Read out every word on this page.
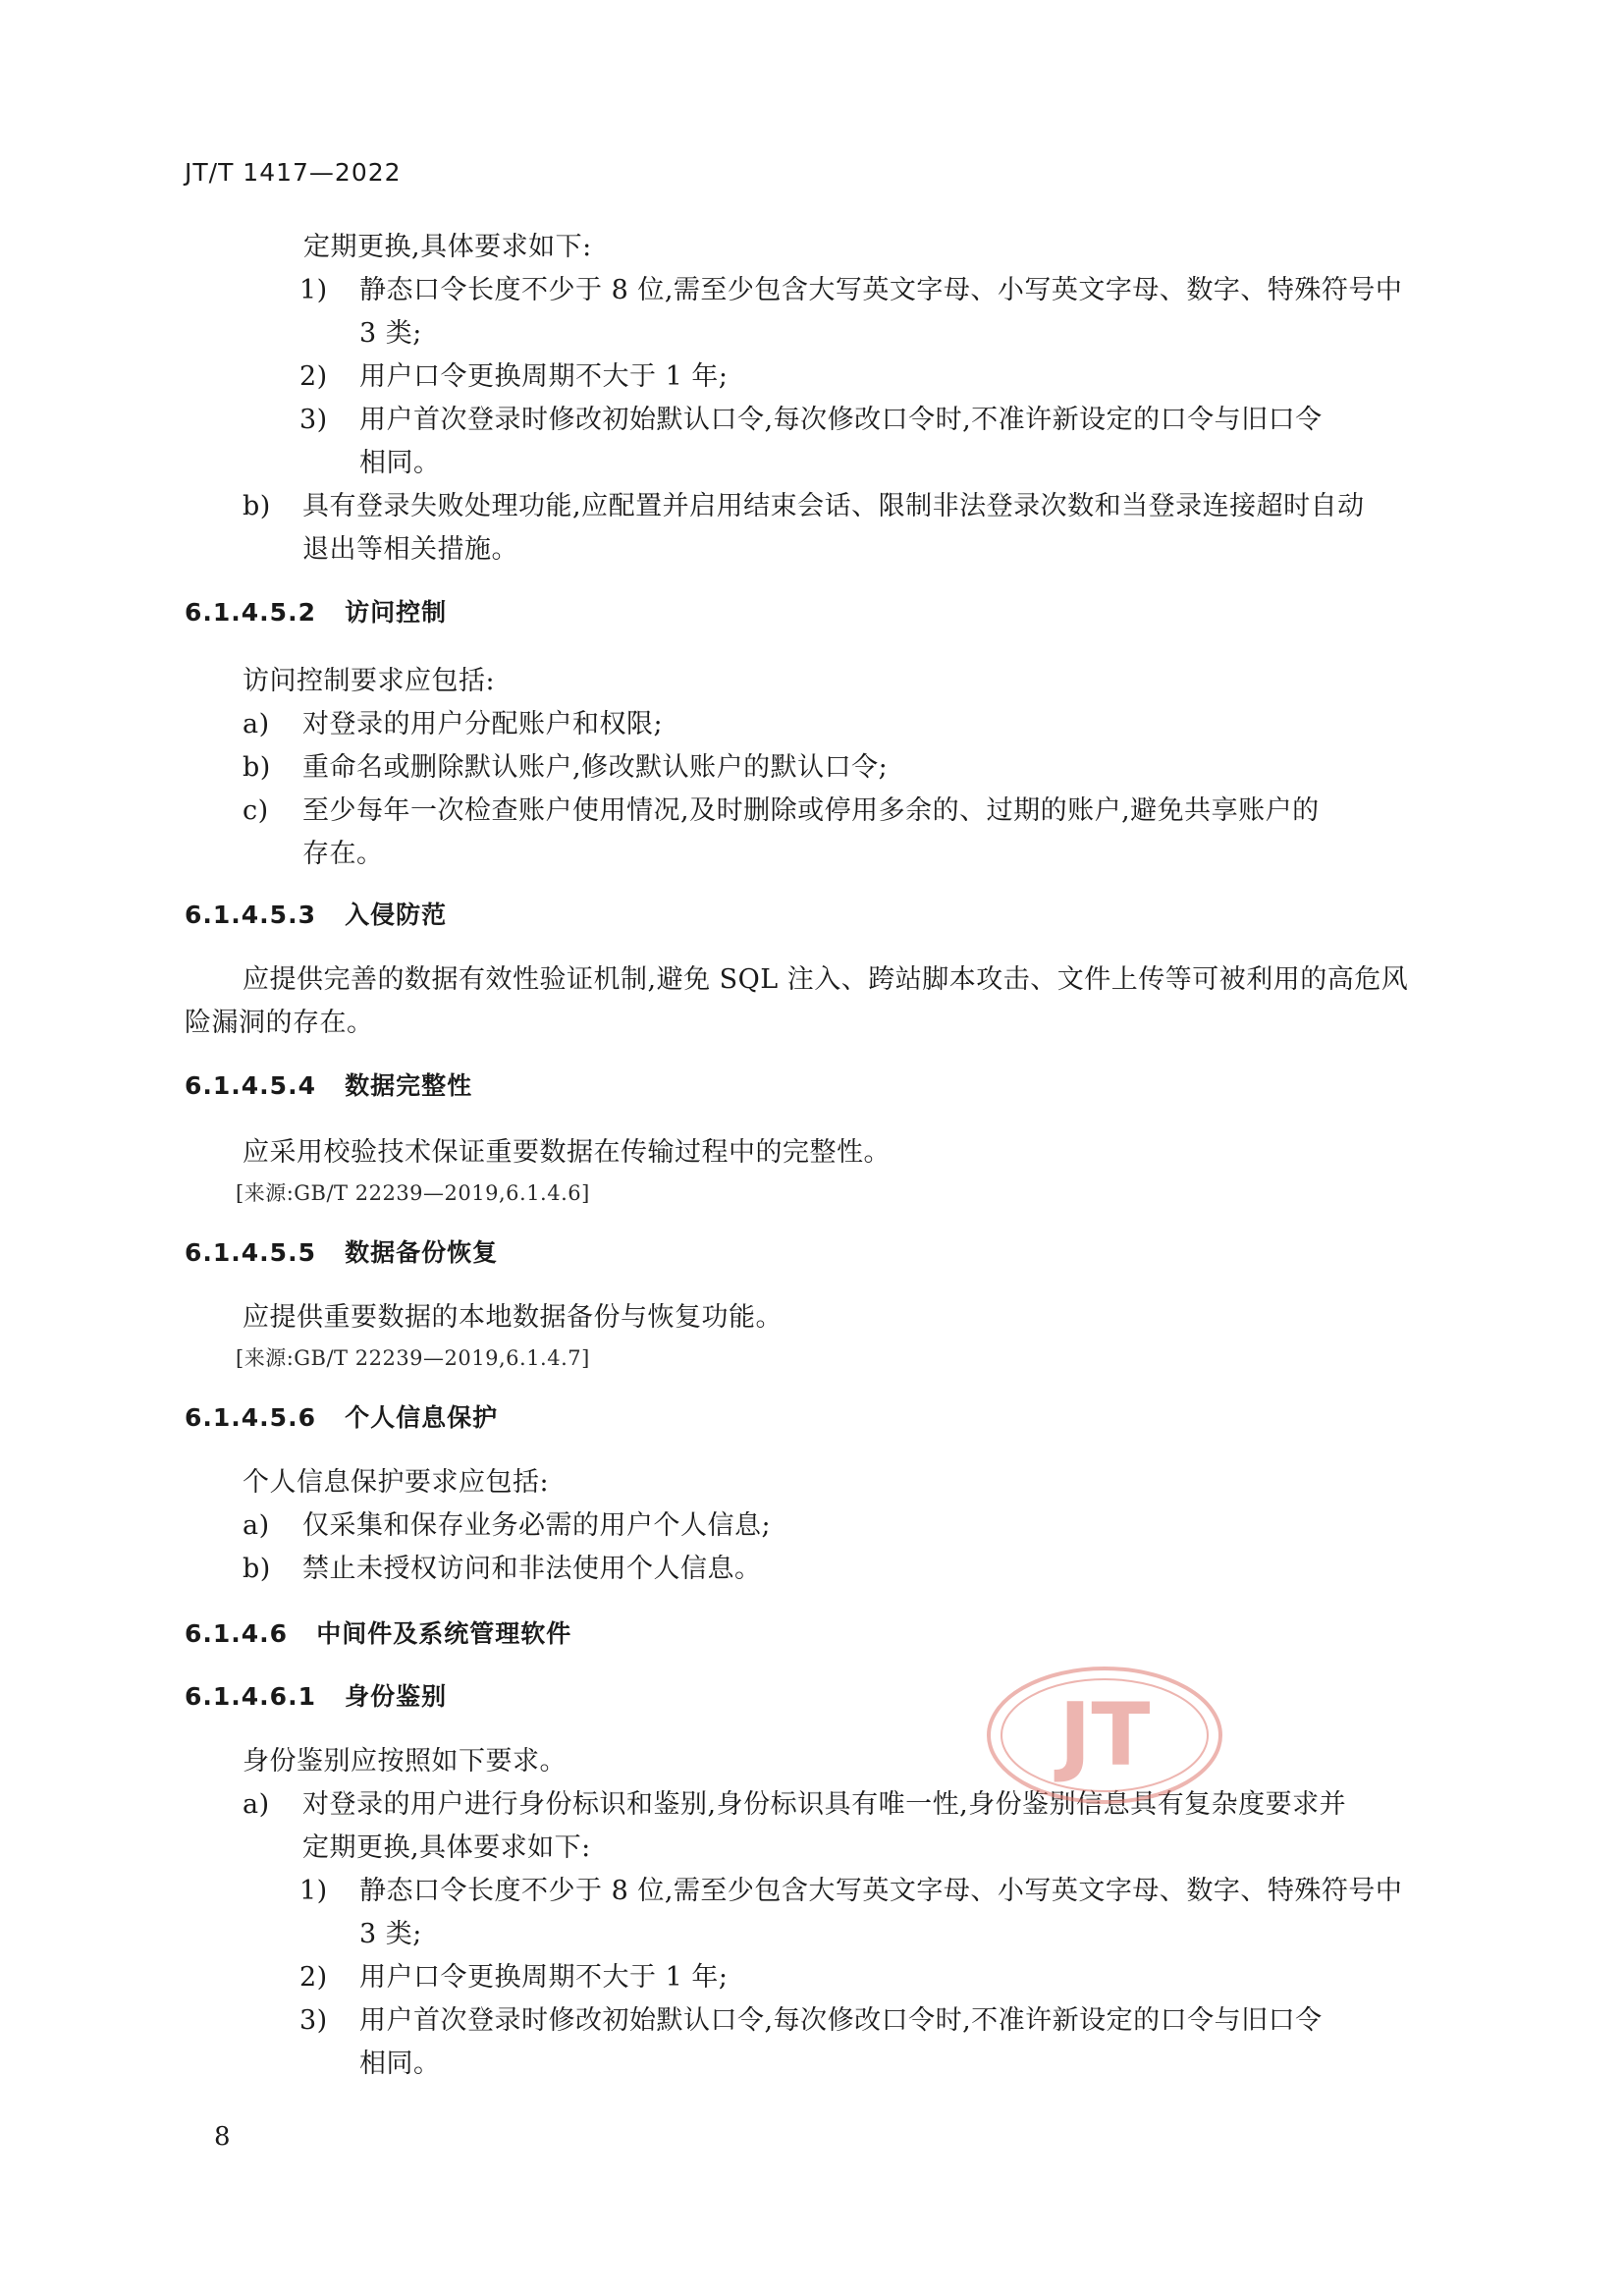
JT/T 1417—2022
定期更换,具体要求如下:
1) 静态口令长度不少于 8 位,需至少包含大写英文字母、小写英文字母、数字、特殊符号中
3 类;
2) 用户口令更换周期不大于 1 年;
3) 用户首次登录时修改初始默认口令,每次修改口令时,不准许新设定的口令与旧口令
相同。
b) 具有登录失败处理功能,应配置并启用结束会话、限制非法登录次数和当登录连接超时自动
退出等相关措施。
6.1.4.5.2 访问控制
访问控制要求应包括:
a) 对登录的用户分配账户和权限;
b) 重命名或删除默认账户,修改默认账户的默认口令;
c) 至少每年一次检查账户使用情况,及时删除或停用多余的、过期的账户,避免共享账户的
存在。
6.1.4.5.3 入侵防范
应提供完善的数据有效性验证机制,避免 SQL 注入、跨站脚本攻击、文件上传等可被利用的高危风
险漏洞的存在。
6.1.4.5.4 数据完整性
应采用校验技术保证重要数据在传输过程中的完整性。
[来源:GB/T 22239—2019,6.1.4.6]
6.1.4.5.5 数据备份恢复
应提供重要数据的本地数据备份与恢复功能。
[来源:GB/T 22239—2019,6.1.4.7]
6.1.4.5.6 个人信息保护
个人信息保护要求应包括:
a) 仅采集和保存业务必需的用户个人信息;
b) 禁止未授权访问和非法使用个人信息。
6.1.4.6 中间件及系统管理软件
6.1.4.6.1 身份鉴别
身份鉴别应按照如下要求。
a) 对登录的用户进行身份标识和鉴别,身份标识具有唯一性,身份鉴别信息具有复杂度要求并
定期更换,具体要求如下:
1) 静态口令长度不少于 8 位,需至少包含大写英文字母、小写英文字母、数字、特殊符号中
3 类;
2) 用户口令更换周期不大于 1 年;
3) 用户首次登录时修改初始默认口令,每次修改口令时,不准许新设定的口令与旧口令
相同。
JT
8
